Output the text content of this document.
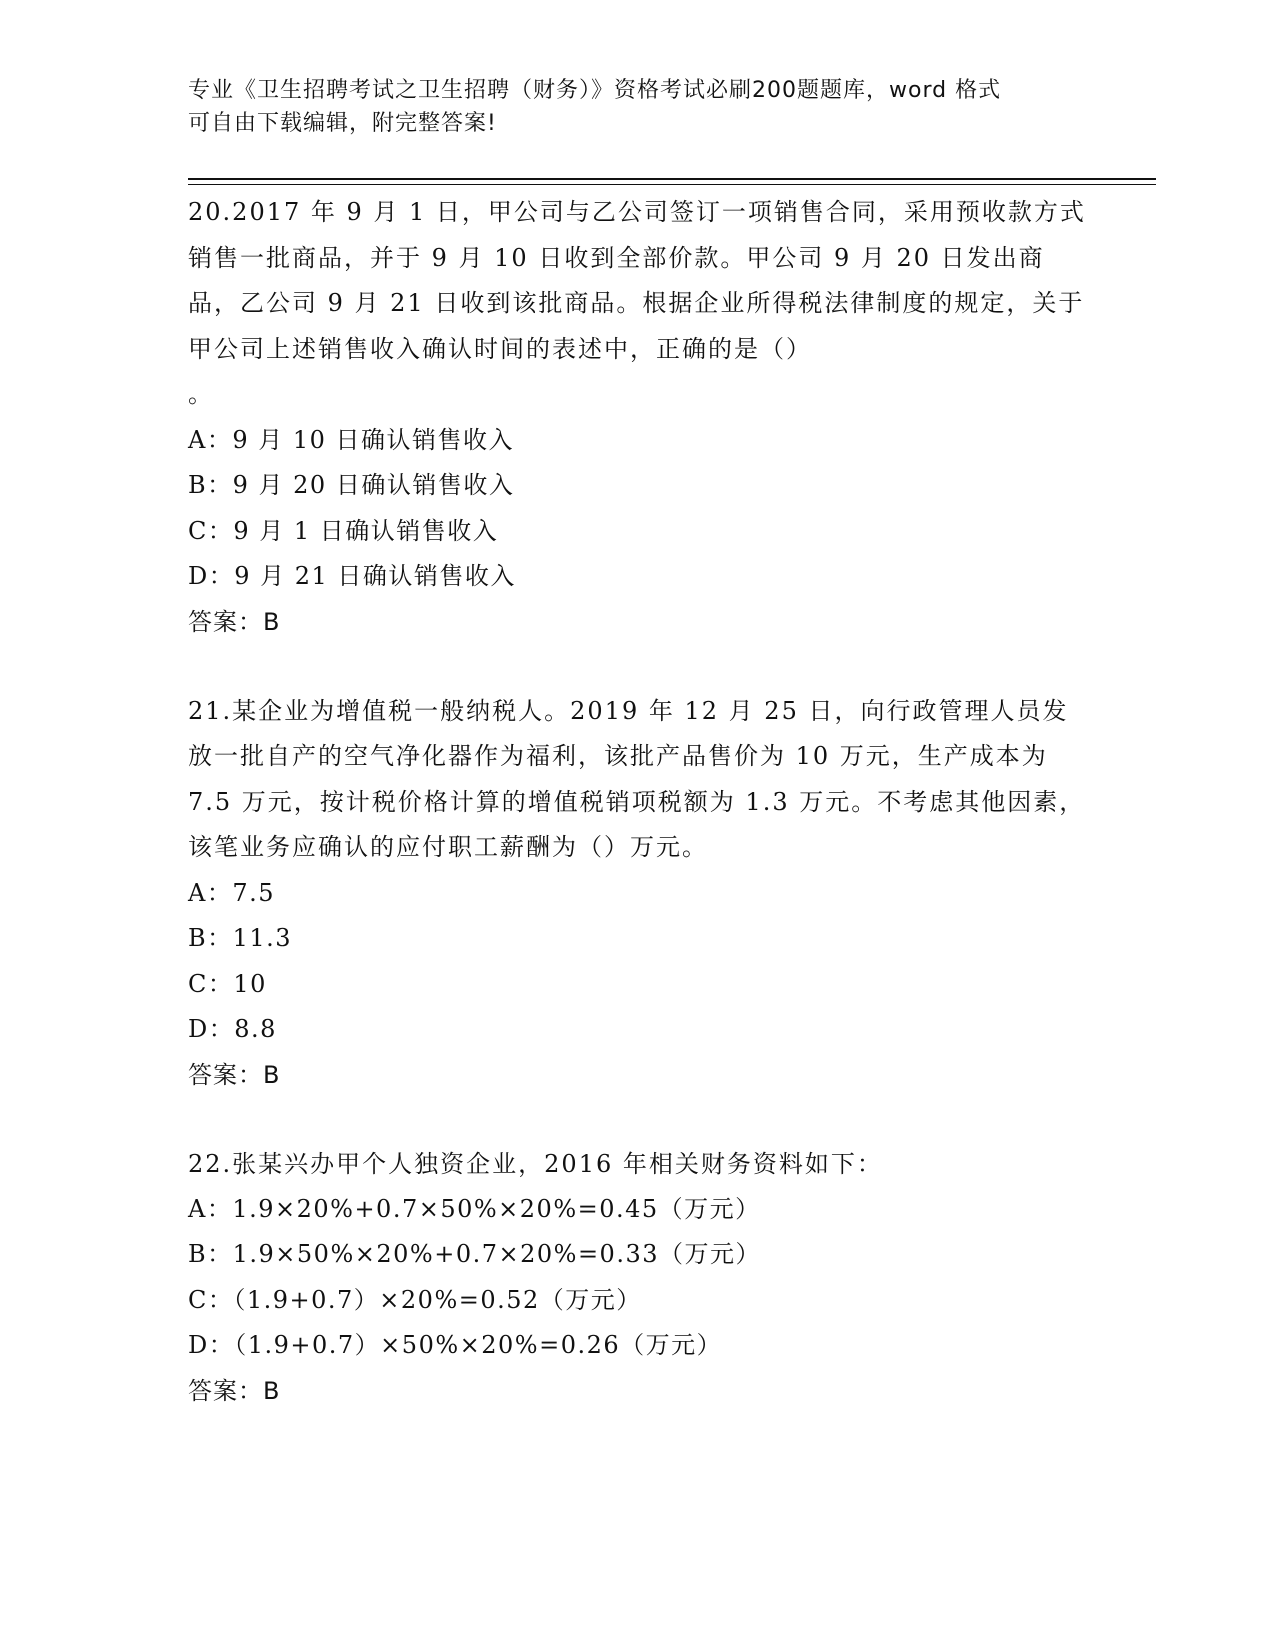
专业《卫生招聘考试之卫生招聘（财务）》资格考试必刷200题题库，word 格式
可自由下载编辑，附完整答案!

20.2017 年 9 月 1 日，甲公司与乙公司签订一项销售合同，采用预收款方式销售一批商品，并于 9 月 10 日收到全部价款。甲公司 9 月 20 日发出商品，乙公司 9 月 21 日收到该批商品。根据企业所得税法律制度的规定，关于甲公司上述销售收入确认时间的表述中，正确的是（）

。

A：9 月 10 日确认销售收入

B：9 月 20 日确认销售收入

C：9 月 1 日确认销售收入

D：9 月 21 日确认销售收入

答案：B

21.某企业为增值税一般纳税人。2019 年 12 月 25 日，向行政管理人员发放一批自产的空气净化器作为福利，该批产品售价为 10 万元，生产成本为 7.5 万元，按计税价格计算的增值税销项税额为 1.3 万元。不考虑其他因素，该笔业务应确认的应付职工薪酬为（）万元。

A：7.5

B：11.3

C：10

D：8.8

答案：B

22.张某兴办甲个人独资企业，2016 年相关财务资料如下：

A：1.9×20%+0.7×50%×20%=0.45（万元）

B：1.9×50%×20%+0.7×20%=0.33（万元）

C：（1.9+0.7）×20%=0.52（万元）

D：（1.9+0.7）×50%×20%=0.26（万元）

答案：B
